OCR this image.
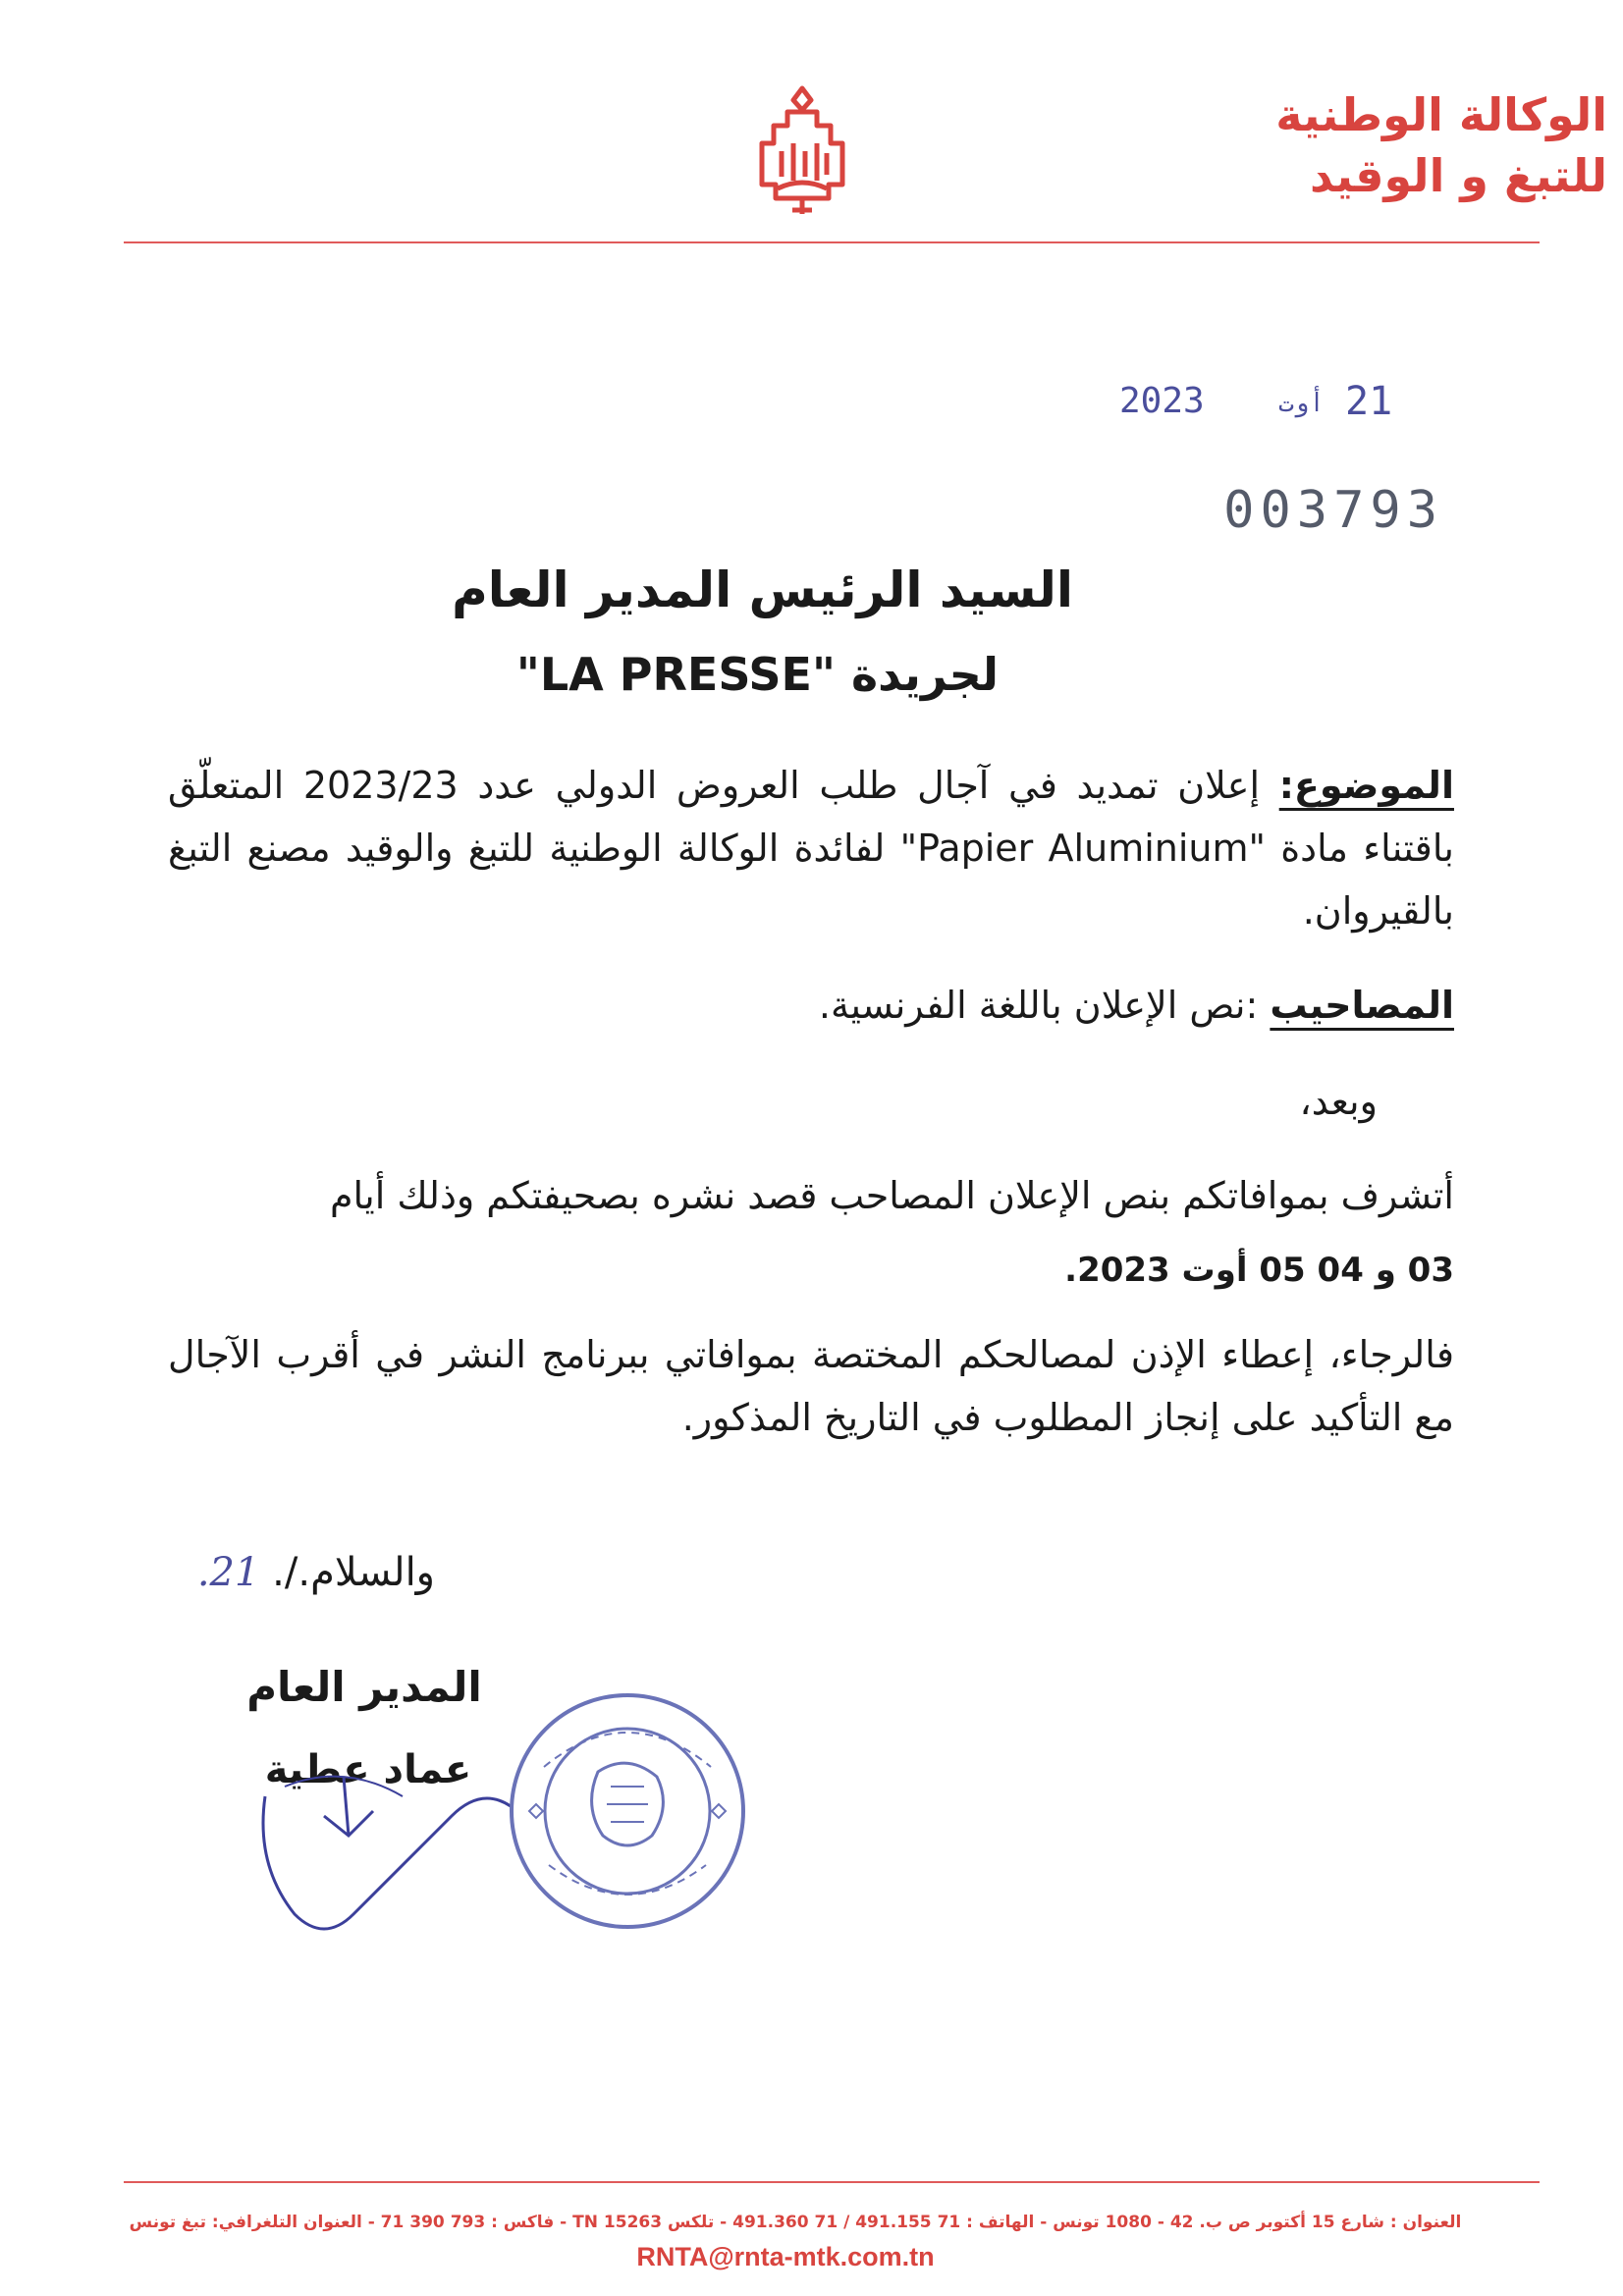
الوكالة الوطنية
للتبغ و الوقيد
2023	أوت 21
003793
السيد الرئيس المدير العام
لجريدة "LA PRESSE"
الموضوع: إعلان تمديد في آجال طلب العروض الدولي عدد 2023/23 المتعلّق باقتناء مادة "Papier Aluminium" لفائدة الوكالة الوطنية للتبغ والوقيد مصنع التبغ بالقيروان.
المصاحيب :نص الإعلان باللغة الفرنسية.
وبعد،
أتشرف بموافاتكم بنص الإعلان المصاحب قصد نشره بصحيفتكم وذلك أيام
03 و 04 05 أوت 2023.
فالرجاء، إعطاء الإذن لمصالحكم المختصة بموافاتي ببرنامج النشر في أقرب الآجال مع التأكيد على إنجاز المطلوب في التاريخ المذكور.
والسلام./. 21.
المدير العام
عماد عطية
العنوان : شارع 15 أكتوبر ص ب. 42 - 1080 تونس - الهاتف : 71 491.155 / 71 491.360 - تلكس 15263 TN - فاكس : 793 390 71 - العنوان التلغرافي: تبغ تونس
RNTA@rnta-mtk.com.tn
